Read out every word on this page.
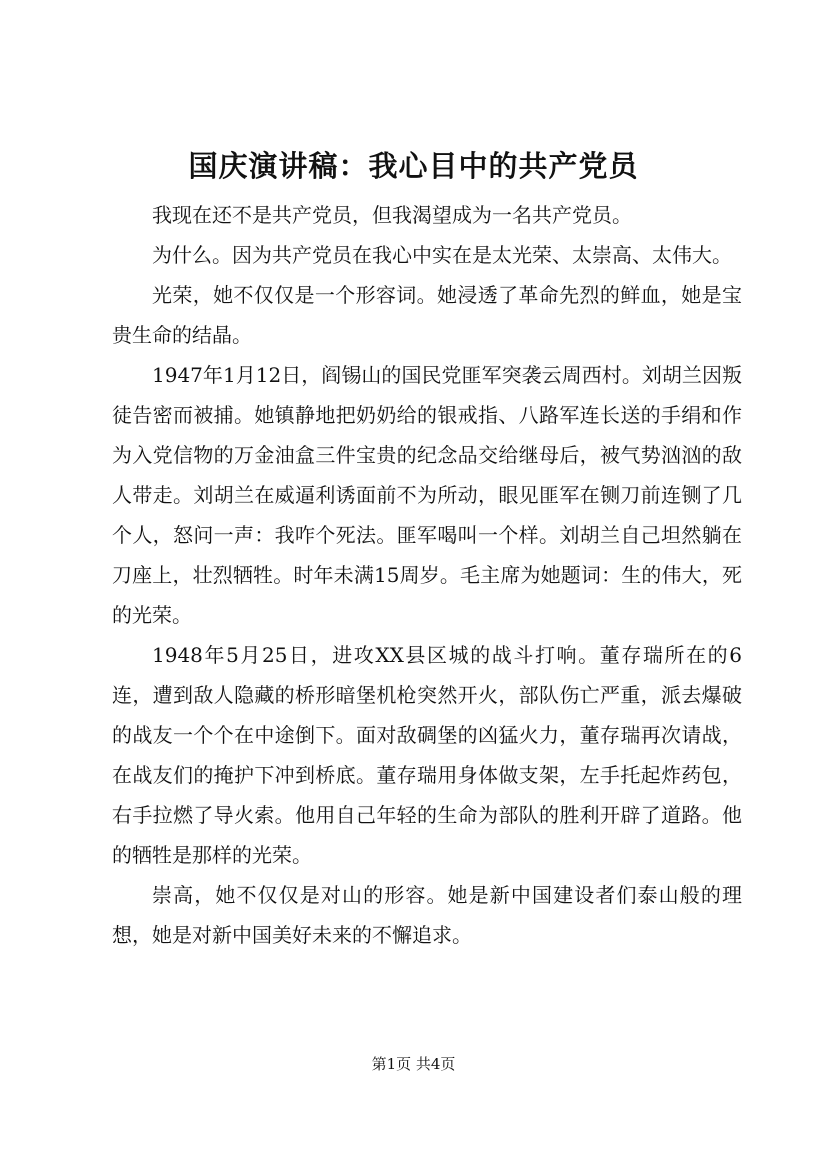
国庆演讲稿：我心目中的共产党员

我现在还不是共产党员，但我渴望成为一名共产党员。

为什么。因为共产党员在我心中实在是太光荣、太崇高、太伟大。

光荣，她不仅仅是一个形容词。她浸透了革命先烈的鲜血，她是宝贵生命的结晶。

1947年1月12日，阎锡山的国民党匪军突袭云周西村。刘胡兰因叛徒告密而被捕。她镇静地把奶奶给的银戒指、八路军连长送的手绢和作为入党信物的万金油盒三件宝贵的纪念品交给继母后，被气势汹汹的敌人带走。刘胡兰在威逼利诱面前不为所动，眼见匪军在铡刀前连铡了几个人，怒问一声：我咋个死法。匪军喝叫一个样。刘胡兰自己坦然躺在刀座上，壮烈牺牲。时年未满15周岁。毛主席为她题词：生的伟大，死的光荣。

1948年5月25日，进攻XX县区城的战斗打响。董存瑞所在的6连，遭到敌人隐藏的桥形暗堡机枪突然开火，部队伤亡严重，派去爆破的战友一个个在中途倒下。面对敌碉堡的凶猛火力，董存瑞再次请战，在战友们的掩护下冲到桥底。董存瑞用身体做支架，左手托起炸药包，右手拉燃了导火索。他用自己年轻的生命为部队的胜利开辟了道路。他的牺牲是那样的光荣。

崇高，她不仅仅是对山的形容。她是新中国建设者们泰山般的理想，她是对新中国美好未来的不懈追求。

第1页 共4页
